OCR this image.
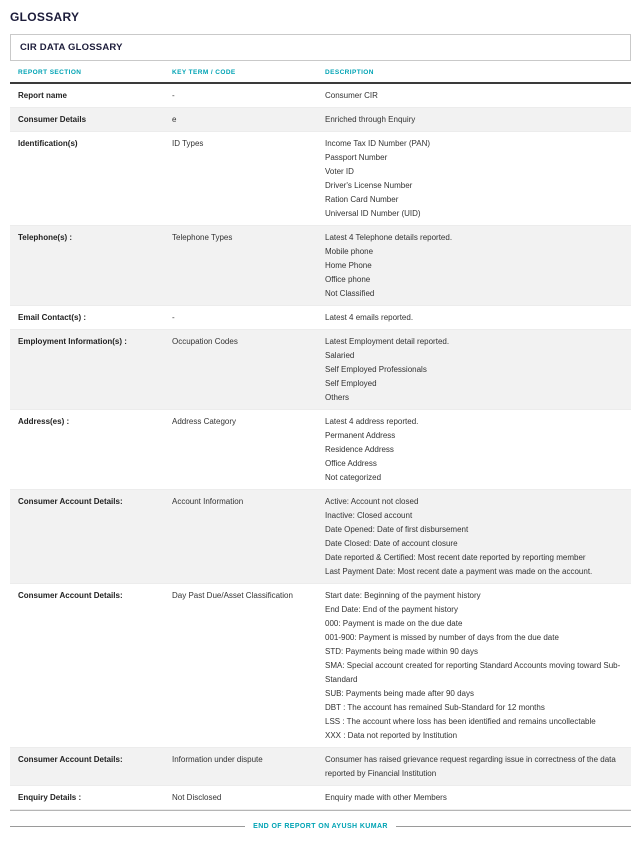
GLOSSARY
CIR DATA GLOSSARY
REPORT SECTION	KEY TERM / CODE	DESCRIPTION
Report name	-	Consumer CIR
Consumer Details	e	Enriched through Enquiry
Identification(s)	ID Types	Income Tax ID Number (PAN)
Passport Number
Voter ID
Driver's License Number
Ration Card Number
Universal ID Number (UID)
Telephone(s) :	Telephone Types	Latest 4 Telephone details reported.
Mobile phone
Home Phone
Office phone
Not Classified
Email Contact(s) :	-	Latest 4 emails reported.
Employment Information(s) :	Occupation Codes	Latest Employment detail reported.
Salaried
Self Employed Professionals
Self Employed
Others
Address(es) :	Address Category	Latest 4 address reported.
Permanent Address
Residence Address
Office Address
Not categorized
Consumer Account Details:	Account Information	Active: Account not closed
Inactive: Closed account
Date Opened: Date of first disbursement
Date Closed: Date of account closure
Date reported & Certified: Most recent date reported by reporting member
Last Payment Date: Most recent date a payment was made on the account.
Consumer Account Details:	Day Past Due/Asset Classification	Start date: Beginning of the payment history
End Date: End of the payment history
000: Payment is made on the due date
001-900: Payment is missed by number of days from the due date
STD: Payments being made within 90 days
SMA: Special account created for reporting Standard Accounts moving toward Sub-Standard
SUB: Payments being made after 90 days
DBT : The account has remained Sub-Standard for 12 months
LSS : The account where loss has been identified and remains uncollectable
XXX : Data not reported by Institution
Consumer Account Details:	Information under dispute	Consumer has raised grievance request regarding issue in correctness of the data reported by Financial Institution
Enquiry Details :	Not Disclosed	Enquiry made with other Members
END OF REPORT ON AYUSH KUMAR
